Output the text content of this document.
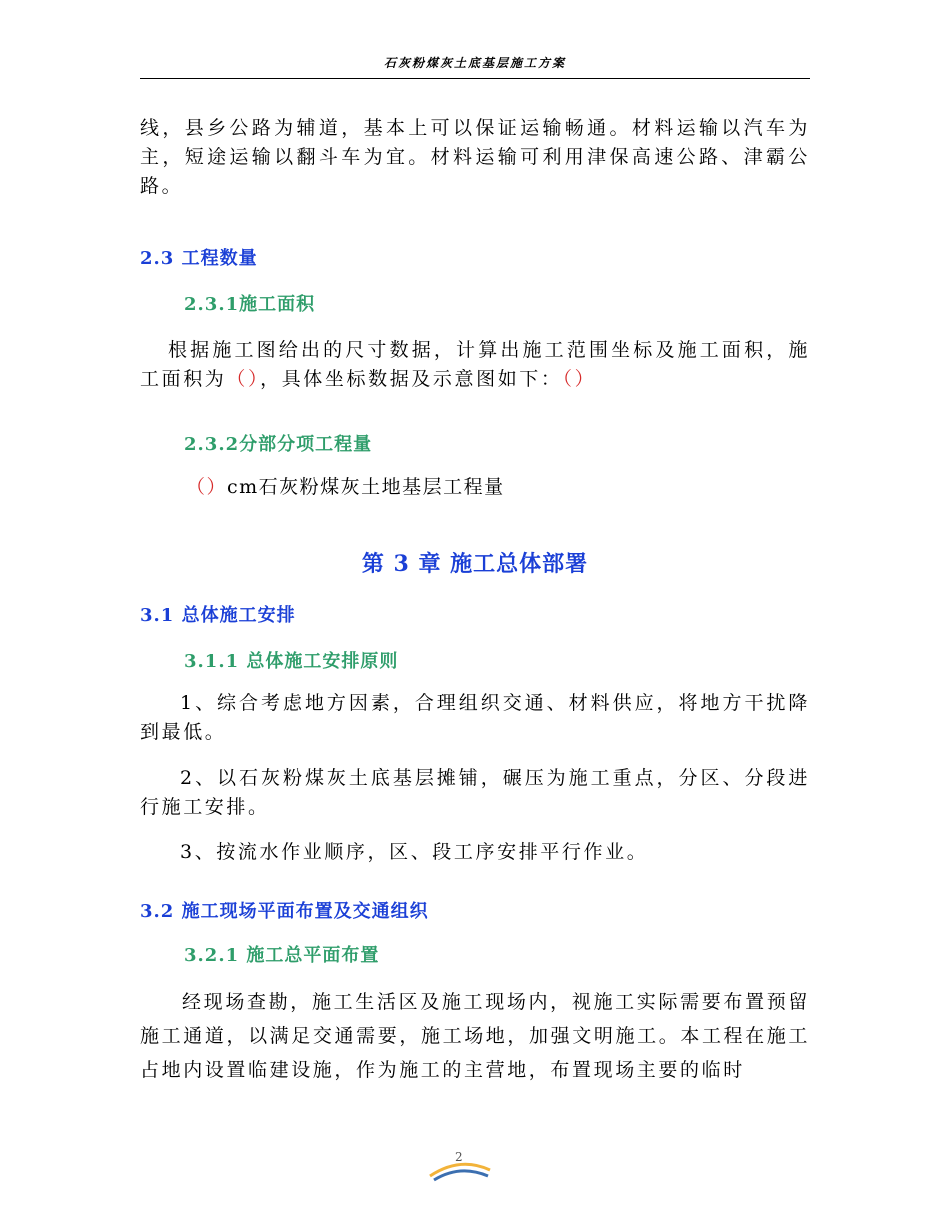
石灰粉煤灰土底基层施工方案

线，县乡公路为辅道，基本上可以保证运输畅通。材料运输以汽车为主，短途运输以翻斗车为宜。材料运输可利用津保高速公路、津霸公路。

2.3 工程数量
2.3.1施工面积

根据施工图给出的尺寸数据，计算出施工范围坐标及施工面积，施工面积为（），具体坐标数据及示意图如下：（）

2.3.2分部分项工程量

（）cm石灰粉煤灰土地基层工程量

第 3 章 施工总体部署
3.1 总体施工安排
3.1.1 总体施工安排原则

1、综合考虑地方因素，合理组织交通、材料供应，将地方干扰降到最低。

2、以石灰粉煤灰土底基层摊铺，碾压为施工重点，分区、分段进行施工安排。

3、按流水作业顺序，区、段工序安排平行作业。

3.2 施工现场平面布置及交通组织
3.2.1 施工总平面布置

经现场查勘，施工生活区及施工现场内，视施工实际需要布置预留施工通道，以满足交通需要，施工场地，加强文明施工。本工程在施工占地内设置临建设施，作为施工的主营地，布置现场主要的临时

2
